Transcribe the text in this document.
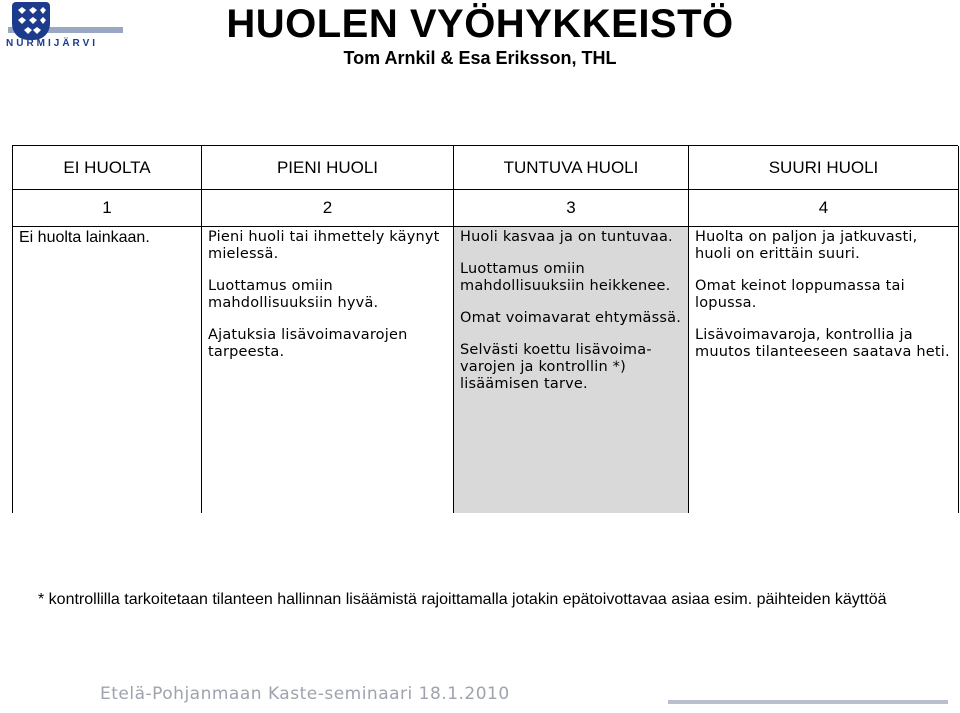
NURMIJÄRVI	HUOLEN VYÖHYKKEISTÖ
Tom Arnkil & Esa Eriksson, THL
EI HUOLTA
1

Ei huolta lainkaan.

PIENI HUOLI
2

Pieni huoli tai ihmettely käynyt mielessä.

Luottamus omiin mahdollisuuksiin hyvä.

Ajatuksia lisävoimavarojen tarpeesta.

TUNTUVA HUOLI
3

Huoli kasvaa ja on tuntuvaa.

Luottamus omiin mahdollisuuksiin heikkenee.

Omat voimavarat ehtymässä.

Selvästi koettu lisävoima-varojen ja kontrollin *) lisäämisen tarve.

SUURI HUOLI
4

Huolta on paljon ja jatkuvasti, huoli on erittäin suuri.

Omat keinot loppumassa tai lopussa.

Lisävoimavaroja, kontrollia ja muutos tilanteeseen saatava heti.

* kontrollilla tarkoitetaan tilanteen hallinnan lisäämistä rajoittamalla jotakin epätoivottavaa asiaa esim. päihteiden käyttöä
Etelä-Pohjanmaan Kaste-seminaari 18.1.2010
